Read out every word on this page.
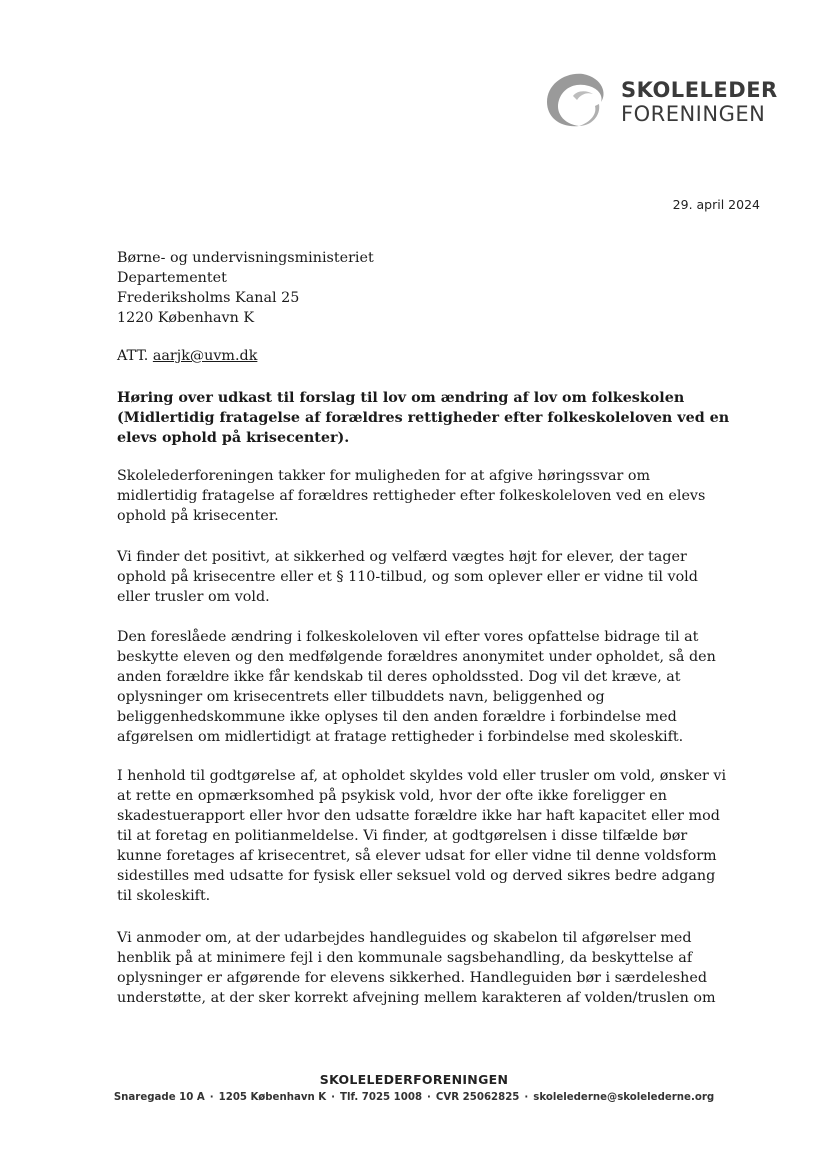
SKOLELEDER
FORENINGEN
29. april 2024
Børne- og undervisningsministeriet
Departementet
Frederiksholms Kanal 25
1220 København K
ATT. aarjk@uvm.dk
Høring over udkast til forslag til lov om ændring af lov om folkeskolen
(Midlertidig fratagelse af forældres rettigheder efter folkeskoleloven ved en
elevs ophold på krisecenter).
Skolelederforeningen takker for muligheden for at afgive høringssvar om
midlertidig fratagelse af forældres rettigheder efter folkeskoleloven ved en elevs
ophold på krisecenter.
Vi finder det positivt, at sikkerhed og velfærd vægtes højt for elever, der tager
ophold på krisecentre eller et § 110-tilbud, og som oplever eller er vidne til vold
eller trusler om vold.
Den foreslåede ændring i folkeskoleloven vil efter vores opfattelse bidrage til at
beskytte eleven og den medfølgende forældres anonymitet under opholdet, så den
anden forældre ikke får kendskab til deres opholdssted. Dog vil det kræve, at
oplysninger om krisecentrets eller tilbuddets navn, beliggenhed og
beliggenhedskommune ikke oplyses til den anden forældre i forbindelse med
afgørelsen om midlertidigt at fratage rettigheder i forbindelse med skoleskift.
I henhold til godtgørelse af, at opholdet skyldes vold eller trusler om vold, ønsker vi
at rette en opmærksomhed på psykisk vold, hvor der ofte ikke foreligger en
skadestuerapport eller hvor den udsatte forældre ikke har haft kapacitet eller mod
til at foretag en politianmeldelse. Vi finder, at godtgørelsen i disse tilfælde bør
kunne foretages af krisecentret, så elever udsat for eller vidne til denne voldsform
sidestilles med udsatte for fysisk eller seksuel vold og derved sikres bedre adgang
til skoleskift.
Vi anmoder om, at der udarbejdes handleguides og skabelon til afgørelser med
henblik på at minimere fejl i den kommunale sagsbehandling, da beskyttelse af
oplysninger er afgørende for elevens sikkerhed. Handleguiden bør i særdeleshed
understøtte, at der sker korrekt afvejning mellem karakteren af volden/truslen om
SKOLELEDERFORENINGEN
Snaregade 10 A · 1205 København K · Tlf. 7025 1008 · CVR 25062825 · skolelederne@skolelederne.org
